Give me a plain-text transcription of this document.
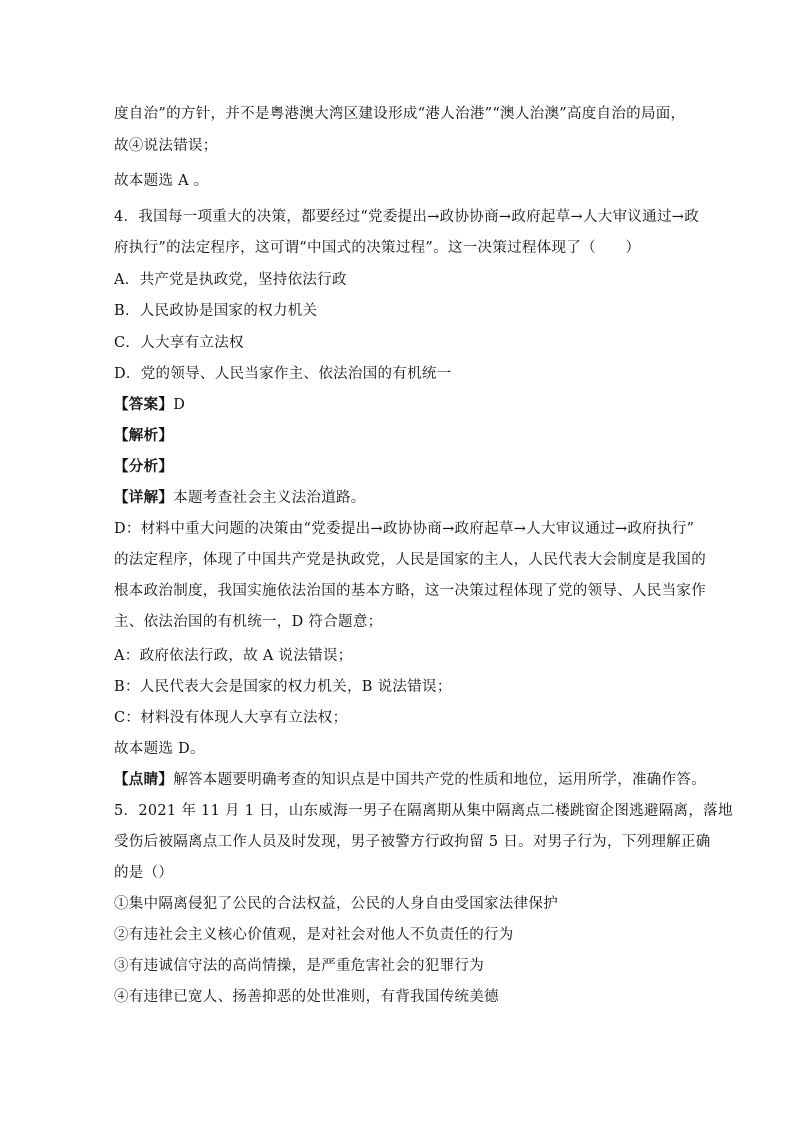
度自治”的方针，并不是粤港澳大湾区建设形成“港人治港”“澳人治澳”高度自治的局面，
故④说法错误；
故本题选 A 。
4．我国每一项重大的决策，都要经过“党委提出→政协协商→政府起草→人大审议通过→政
府执行”的法定程序，这可谓“中国式的决策过程”。这一决策过程体现了（　　）
A．共产党是执政党，坚持依法行政
B．人民政协是国家的权力机关
C．人大享有立法权
D．党的领导、人民当家作主、依法治国的有机统一
【答案】D
【解析】
【分析】
【详解】本题考查社会主义法治道路。
D：材料中重大问题的决策由“党委提出→政协协商→政府起草→人大审议通过→政府执行”
的法定程序，体现了中国共产党是执政党，人民是国家的主人，人民代表大会制度是我国的
根本政治制度，我国实施依法治国的基本方略，这一决策过程体现了党的领导、人民当家作
主、依法治国的有机统一，D 符合题意；
A：政府依法行政，故 A 说法错误；
B：人民代表大会是国家的权力机关，B 说法错误；
C：材料没有体现人大享有立法权；
故本题选 D。
【点睛】解答本题要明确考查的知识点是中国共产党的性质和地位，运用所学，准确作答。
5．2021 年 11 月 1 日，山东威海一男子在隔离期从集中隔离点二楼跳窗企图逃避隔离，落地
受伤后被隔离点工作人员及时发现，男子被警方行政拘留 5 日。对男子行为，下列理解正确
的是（）
①集中隔离侵犯了公民的合法权益，公民的人身自由受国家法律保护
②有违社会主义核心价值观，是对社会对他人不负责任的行为
③有违诚信守法的高尚情操，是严重危害社会的犯罪行为
④有违律已宽人、扬善抑恶的处世准则，有背我国传统美德
